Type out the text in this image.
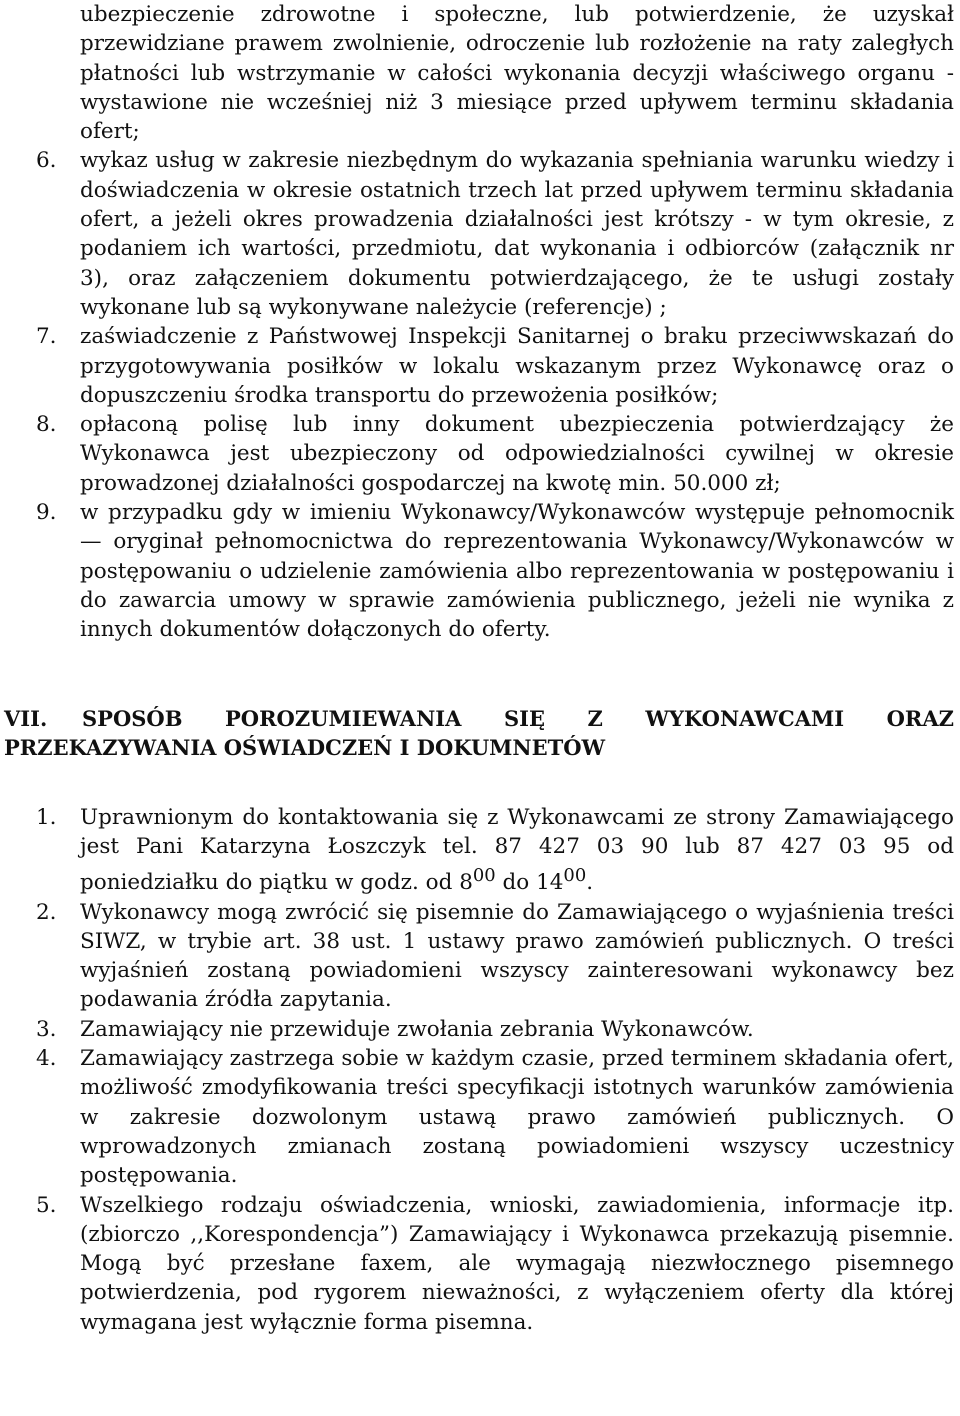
ubezpieczenie zdrowotne i społeczne, lub potwierdzenie, że uzyskał przewidziane prawem zwolnienie, odroczenie lub rozłożenie na raty zaległych płatności lub wstrzymanie w całości wykonania decyzji właściwego organu - wystawione nie wcześniej niż 3 miesiące przed upływem terminu składania ofert;
6. wykaz usług w zakresie niezbędnym do wykazania spełniania warunku wiedzy i doświadczenia w okresie ostatnich trzech lat przed upływem terminu składania ofert, a jeżeli okres prowadzenia działalności jest krótszy - w tym okresie, z podaniem ich wartości, przedmiotu, dat wykonania i odbiorców (załącznik nr 3), oraz załączeniem dokumentu potwierdzającego, że te usługi zostały wykonane lub są wykonywane należycie (referencje) ;
7. zaświadczenie z Państwowej Inspekcji Sanitarnej o braku przeciwwskazań do przygotowywania posiłków w lokalu wskazanym przez Wykonawcę oraz o dopuszczeniu środka transportu do przewożenia posiłków;
8. opłaconą polisę lub inny dokument ubezpieczenia potwierdzający że Wykonawca jest ubezpieczony od odpowiedzialności cywilnej w okresie prowadzonej działalności gospodarczej na kwotę min. 50.000 zł;
9. w przypadku gdy w imieniu Wykonawcy/Wykonawców występuje pełnomocnik — oryginał pełnomocnictwa do reprezentowania Wykonawcy/Wykonawców w postępowaniu o udzielenie zamówienia albo reprezentowania w postępowaniu i do zawarcia umowy w sprawie zamówienia publicznego, jeżeli nie wynika z innych dokumentów dołączonych do oferty.
VII. SPOSÓB POROZUMIEWANIA SIĘ Z WYKONAWCAMI ORAZ PRZEKAZYWANIA OŚWIADCZEŃ I DOKUMNETÓW
1. Uprawnionym do kontaktowania się z Wykonawcami ze strony Zamawiającego jest Pani Katarzyna Łoszczyk tel. 87 427 03 90 lub 87 427 03 95 od poniedziałku do piątku w godz. od $8^{00}$ do $14^{00}$.
2. Wykonawcy mogą zwrócić się pisemnie do Zamawiającego o wyjaśnienia treści SIWZ, w trybie art. 38 ust. 1 ustawy prawo zamówień publicznych. O treści wyjaśnień zostaną powiadomieni wszyscy zainteresowani wykonawcy bez podawania źródła zapytania.
3. Zamawiający nie przewiduje zwołania zebrania Wykonawców.
4. Zamawiający zastrzega sobie w każdym czasie, przed terminem składania ofert, możliwość zmodyfikowania treści specyfikacji istotnych warunków zamówienia w zakresie dozwolonym ustawą prawo zamówień publicznych. O wprowadzonych zmianach zostaną powiadomieni wszyscy uczestnicy postępowania.
5. Wszelkiego rodzaju oświadczenia, wnioski, zawiadomienia, informacje itp. (zbiorczo ,,Korespondencja”) Zamawiający i Wykonawca przekazują pisemnie. Mogą być przesłane faxem, ale wymagają niezwłocznego pisemnego potwierdzenia, pod rygorem nieważności, z wyłączeniem oferty dla której wymagana jest wyłącznie forma pisemna.
